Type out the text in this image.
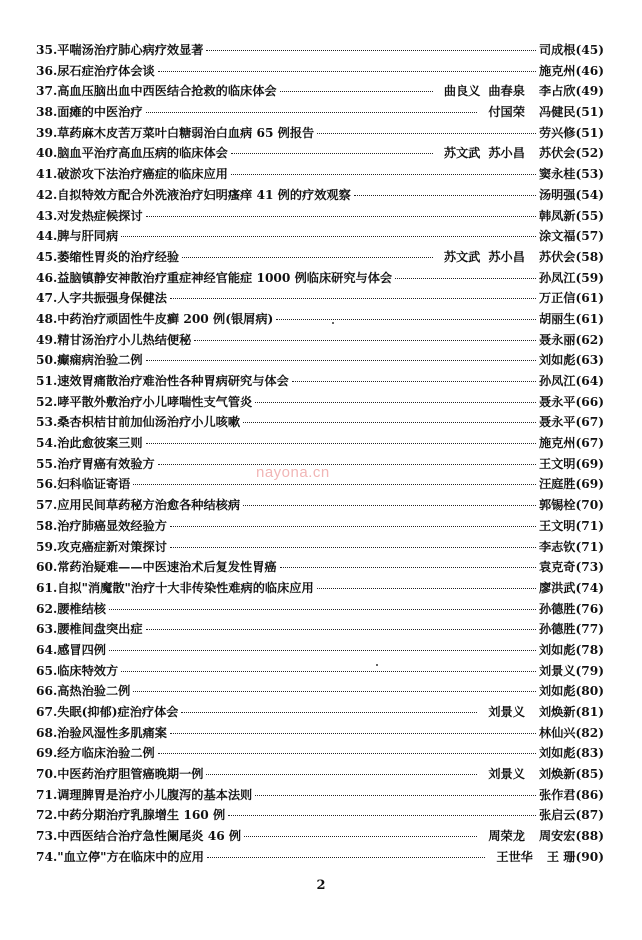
35. 平喘汤治疗肺心病疗效显著	司成根(45)
36. 尿石症治疗体会谈	施克州(46)
37. 高血压脑出血中西医结合抢救的临床体会	曲良义 曲春泉 李占欣(49)
38. 面瘫的中医治疗	付国荣 冯健民(51)
39. 草药麻木皮苦万菜叶白糖弱治白血病 65 例报告	劳兴修(51)
40. 脑血平治疗高血压病的临床体会	苏文武 苏小昌 苏伏会(52)
41. 破淤攻下法治疗癌症的临床应用	窦永桂(53)
42. 自拟特效方配合外洗液治疗妇明瘙痒 41 例的疗效观察	汤明强(54)
43. 对发热症候探讨	韩凤新(55)
44. 脾与肝同病	涂文福(57)
45. 萎缩性胃炎的治疗经验	苏文武 苏小昌 苏伏会(58)
46. 益脑镇静安神散治疗重症神经官能症 1000 例临床研究与体会	孙凤江(59)
47. 人字共振强身保健法	万正信(61)
48. 中药治疗顽固性牛皮癣 200 例(银屑病)	胡丽生(61)
49. 精甘汤治疗小儿热结便秘	聂永丽(62)
50. 癫痫病治验二例	刘如彪(63)
51. 速效胃痛散治疗难治性各种胃病研究与体会	孙凤江(64)
52. 哮平散外敷治疗小儿哮喘性支气管炎	聂永平(66)
53. 桑杏枳桔甘前加仙汤治疗小儿咳嗽	聂永平(67)
54. 治此愈彼案三则	施克州(67)
55. 治疗胃癌有效验方	王文明(69)
56. 妇科临证寄语	汪庭胜(69)
57. 应用民间草药秘方治愈各种结核病	郭锡栓(70)
58. 治疗肺癌显效经验方	王文明(71)
59. 攻克癌症新对策探讨	李志钦(71)
60. 常药治疑难——中医速治术后复发性胃癌	袁克奇(73)
61. 自拟"消魔散"治疗十大非传染性难病的临床应用	廖洪武(74)
62. 腰椎结核	孙德胜(76)
63. 腰椎间盘突出症	孙德胜(77)
64. 感冒四例	刘如彪(78)
65. 临床特效方	刘景义(79)
66. 高热治验二例	刘如彪(80)
67. 失眠(抑郁)症治疗体会	刘景义 刘焕新(81)
68. 治验风湿性多肌痛案	林仙兴(82)
69. 经方临床治验二例	刘如彪(83)
70. 中医药治疗胆管癌晚期一例	刘景义 刘焕新(85)
71. 调理脾胃是治疗小儿腹泻的基本法则	张作君(86)
72. 中药分期治疗乳腺增生 160 例	张启云(87)
73. 中西医结合治疗急性阑尾炎 46 例	周荣龙 周安宏(88)
74. "血立停"方在临床中的应用	王世华 王 珊(90)
nayona.cn
2
